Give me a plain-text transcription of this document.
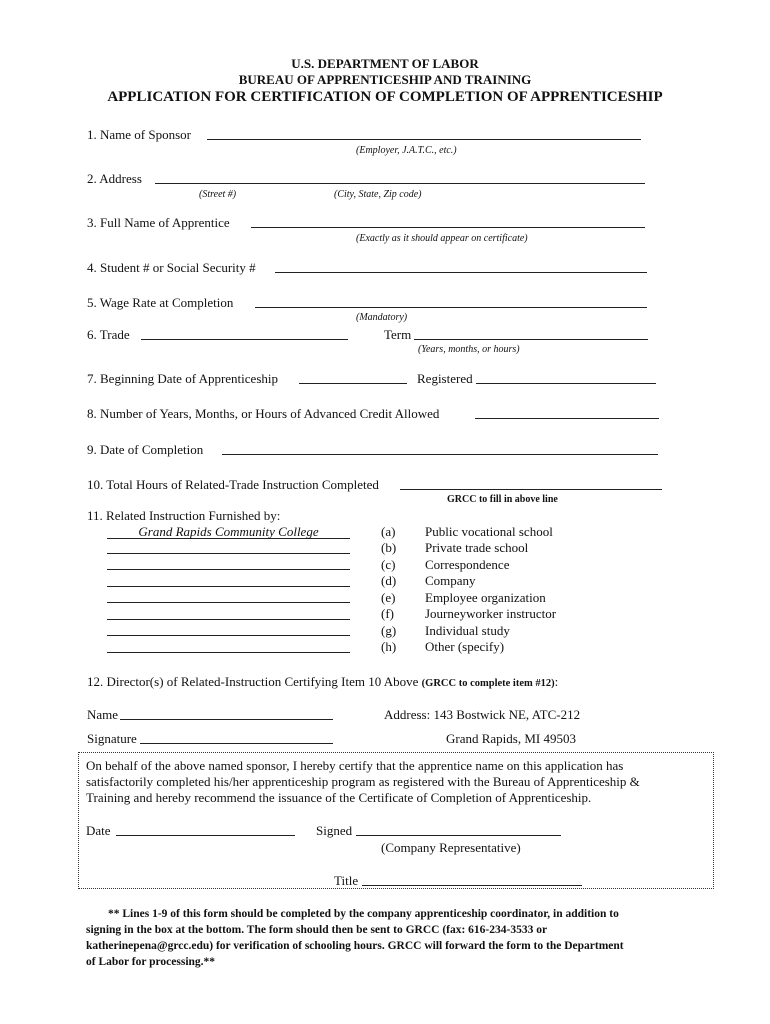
U.S. DEPARTMENT OF LABOR
BUREAU OF APPRENTICESHIP AND TRAINING
APPLICATION FOR CERTIFICATION OF COMPLETION OF APPRENTICESHIP
1. Name of Sponsor
(Employer, J.A.T.C., etc.)
2. Address
(Street #)	(City, State, Zip code)
3. Full Name of Apprentice
(Exactly as it should appear on certificate)
4. Student # or Social Security #
5. Wage Rate at Completion
(Mandatory)
6. Trade	Term
(Years, months, or hours)
7. Beginning Date of Apprenticeship	Registered
8. Number of Years, Months, or Hours of Advanced Credit Allowed
9. Date of Completion
10. Total Hours of Related-Trade Instruction Completed
GRCC to fill in above line
11. Related Instruction Furnished by:
Grand Rapids Community College	(a) Public vocational school
(b) Private trade school
(c) Correspondence
(d) Company
(e) Employee organization
(f) Journeyworker instructor
(g) Individual study
(h) Other (specify)
12. Director(s) of Related-Instruction Certifying Item 10 Above (GRCC to complete item #12):
Name	Address: 143 Bostwick NE, ATC-212
Signature	Grand Rapids, MI 49503
On behalf of the above named sponsor, I hereby certify that the apprentice name on this application has
satisfactorily completed his/her apprenticeship program as registered with the Bureau of Apprenticeship &
Training and hereby recommend the issuance of the Certificate of Completion of Apprenticeship.
Date	Signed
(Company Representative)
Title
** Lines 1-9 of this form should be completed by the company apprenticeship coordinator, in addition to
signing in the box at the bottom. The form should then be sent to GRCC (fax: 616-234-3533 or
katherinepena@grcc.edu) for verification of schooling hours. GRCC will forward the form to the Department
of Labor for processing.**
